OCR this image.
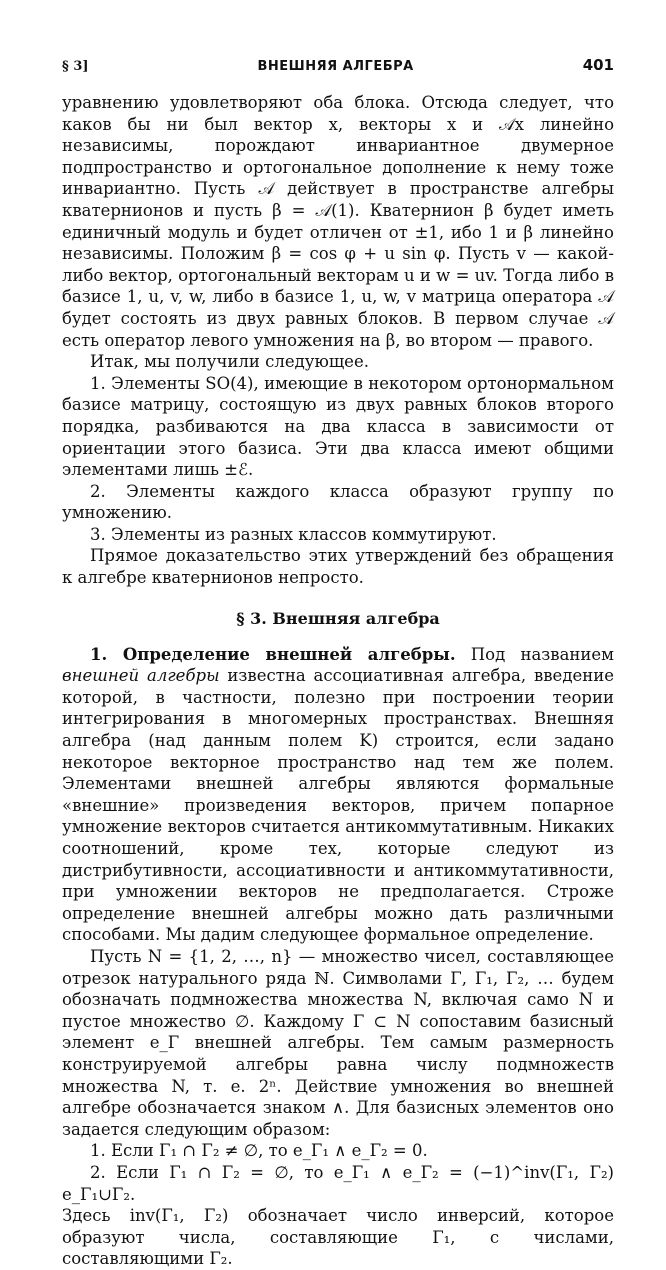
§ 3]	ВНЕШНЯЯ АЛГЕБРА	401

уравнению удовлетворяют оба блока. Отсюда следует, что каков бы ни был вектор x, векторы x и 𝒜x линейно независимы, порождают инвариантное двумерное подпространство и ортогональное дополнение к нему тоже инвариантно. Пусть 𝒜 действует в пространстве алгебры кватернионов и пусть β = 𝒜(1). Кватернион β будет иметь единичный модуль и будет отличен от ±1, ибо 1 и β линейно независимы. Положим β = cos φ + u sin φ. Пусть v — какой-либо вектор, ортогональный векторам u и w = uv. Тогда либо в базисе 1, u, v, w, либо в базисе 1, u, w, v матрица оператора 𝒜 будет состоять из двух равных блоков. В первом случае 𝒜 есть оператор левого умножения на β, во втором — правого.

Итак, мы получили следующее.

1. Элементы SO(4), имеющие в некотором ортонормальном базисе матрицу, состоящую из двух равных блоков второго порядка, разбиваются на два класса в зависимости от ориентации этого базиса. Эти два класса имеют общими элементами лишь ±ℰ.

2. Элементы каждого класса образуют группу по умножению.

3. Элементы из разных классов коммутируют.

Прямое доказательство этих утверждений без обращения к алгебре кватернионов непросто.

§ 3. Внешняя алгебра

1. Определение внешней алгебры. Под названием внешней алгебры известна ассоциативная алгебра, введение которой, в частности, полезно при построении теории интегрирования в многомерных пространствах. Внешняя алгебра (над данным полем K) строится, если задано некоторое векторное пространство над тем же полем. Элементами внешней алгебры являются формальные «внешние» произведения векторов, причем попарное умножение векторов считается антикоммутативным. Никаких соотношений, кроме тех, которые следуют из дистрибутивности, ассоциативности и антикоммутативности, при умножении векторов не предполагается. Строже определение внешней алгебры можно дать различными способами. Мы дадим следующее формальное определение.

Пусть N = {1, 2, …, n} — множество чисел, составляющее отрезок натурального ряда ℕ. Символами Γ, Γ₁, Γ₂, … будем обозначать подмножества множества N, включая само N и пустое множество ∅. Каждому Γ ⊂ N сопоставим базисный элемент e_Γ внешней алгебры. Тем самым размерность конструируемой алгебры равна числу подмножеств множества N, т. е. 2ⁿ. Действие умножения во внешней алгебре обозначается знаком ∧. Для базисных элементов оно задается следующим образом:

1. Если Γ₁ ∩ Γ₂ ≠ ∅, то e_Γ₁ ∧ e_Γ₂ = 0.

2. Если Γ₁ ∩ Γ₂ = ∅, то e_Γ₁ ∧ e_Γ₂ = (−1)^inv(Γ₁, Γ₂) e_Γ₁∪Γ₂.

Здесь inv(Γ₁, Γ₂) обозначает число инверсий, которое образуют числа, составляющие Γ₁, с числами, составляющими Γ₂.
